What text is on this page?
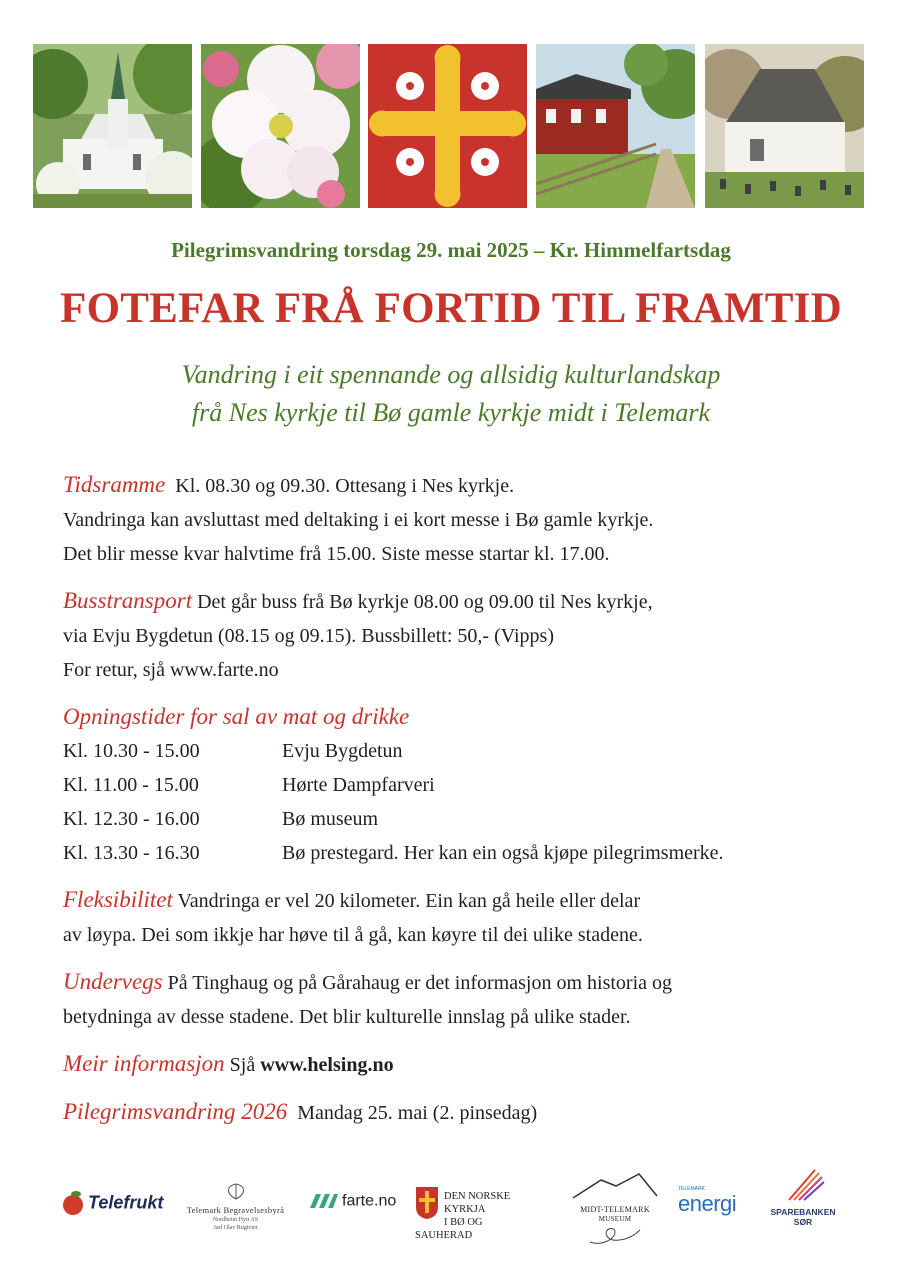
Pilegrimsvandring torsdag 29. mai 2025 – Kr. Himmelfartsdag
FOTEFAR FRÅ FORTID TIL FRAMTID
Vandring i eit spennande og allsidig kulturlandskap
frå Nes kyrkje til Bø gamle kyrkje midt i Telemark
Tidsramme Kl. 08.30 og 09.30. Ottesang i Nes kyrkje.
Vandringa kan avsluttast med deltaking i ei kort messe i Bø gamle kyrkje.
Det blir messe kvar halvtime frå 15.00. Siste messe startar kl. 17.00.
Busstransport Det går buss frå Bø kyrkje 08.00 og 09.00 til Nes kyrkje,
via Evju Bygdetun (08.15 og 09.15). Bussbillett: 50,- (Vipps)
For retur, sjå www.farte.no
Opningstider for sal av mat og drikke
Kl. 10.30 - 15.00	Evju Bygdetun
Kl. 11.00 - 15.00	Hørte Dampfarveri
Kl. 12.30 - 16.00	Bø museum
Kl. 13.30 - 16.30	Bø prestegard. Her kan ein også kjøpe pilegrimsmerke.
Fleksibilitet Vandringa er vel 20 kilometer. Ein kan gå heile eller delar
av løypa. Dei som ikkje har høve til å gå, kan køyre til dei ulike stadene.
Undervegs På Tinghaug og på Gårahaug er det informasjon om historia og
betydninga av desse stadene. Det blir kulturelle innslag på ulike stader.
Meir informasjon Sjå www.helsing.no
Pilegrimsvandring 2026 Mandag 25. mai (2. pinsedag)
Telefrukt	Telemark Begravelsesbyrå
Nordheim Hytt AS
Jarl Olav Rugtveit
farte.no	DEN NORSKE KYRKJA
I BØ OG SAUHERAD
MIDT-TELEMARK
MUSEUM
TELEMARK
energi	SPAREBANKEN
SØR
